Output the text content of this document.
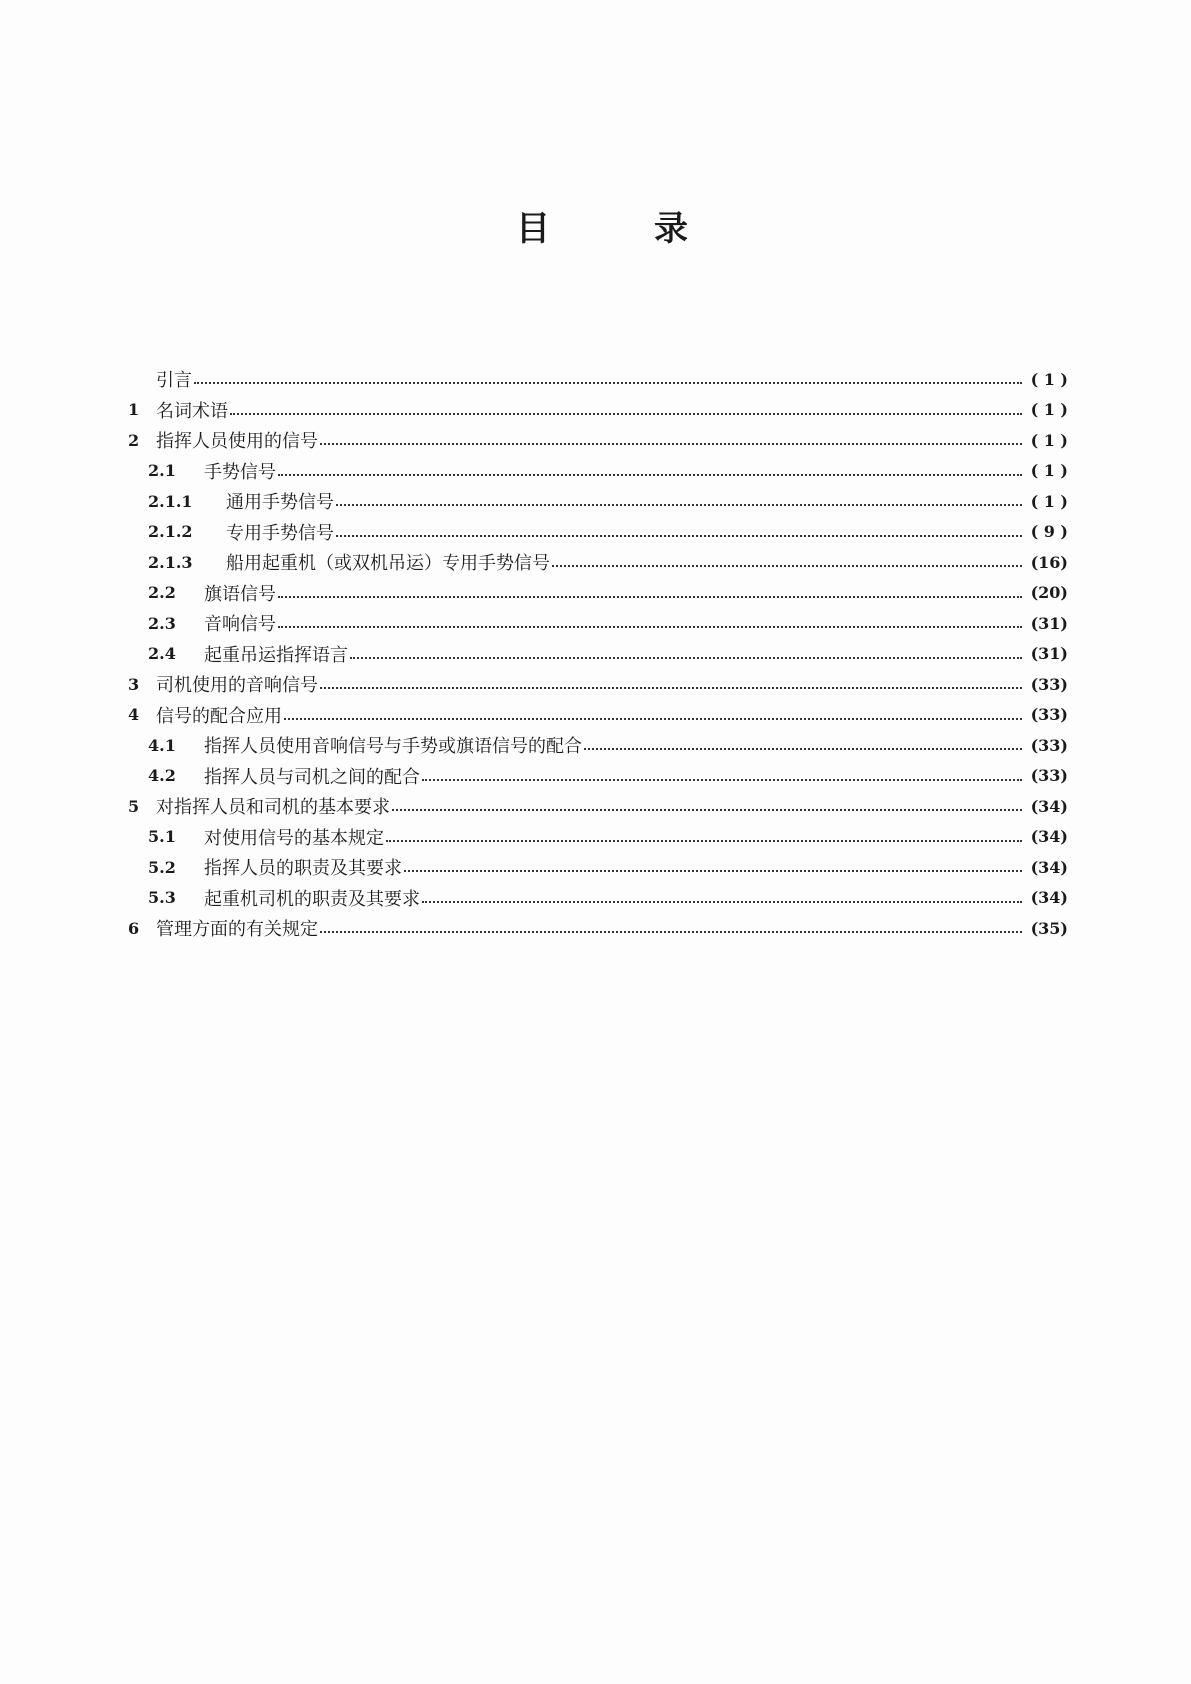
目	录
引言	( 1 )
1 名词术语	( 1 )
2 指挥人员使用的信号	( 1 )
2.1	手势信号	( 1 )
2.1.1	通用手势信号	( 1 )
2.1.2	专用手势信号	( 9 )
2.1.3	船用起重机（或双机吊运）专用手势信号	(16)
2.2	旗语信号	(20)
2.3	音响信号	(31)
2.4	起重吊运指挥语言	(31)
3 司机使用的音响信号	(33)
4 信号的配合应用	(33)
4.1	指挥人员使用音响信号与手势或旗语信号的配合	(33)
4.2	指挥人员与司机之间的配合	(33)
5 对指挥人员和司机的基本要求	(34)
5.1	对使用信号的基本规定	(34)
5.2	指挥人员的职责及其要求	(34)
5.3	起重机司机的职责及其要求	(34)
6 管理方面的有关规定	(35)
